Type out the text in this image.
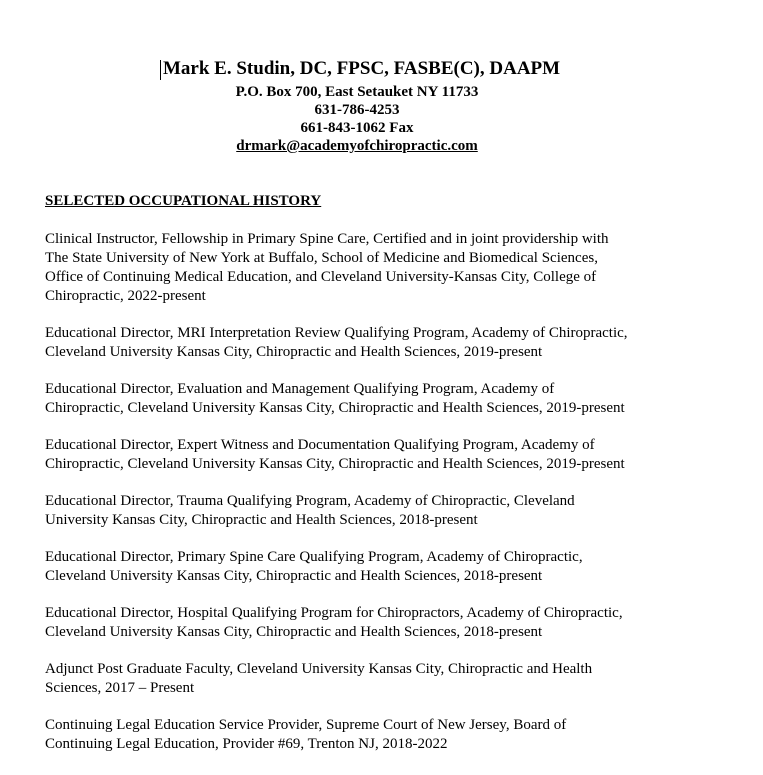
Mark E. Studin, DC, FPSC, FASBE(C), DAAPM
P.O. Box 700, East Setauket NY 11733
631-786-4253
661-843-1062 Fax
drmark@academyofchiropractic.com
SELECTED OCCUPATIONAL HISTORY
Clinical Instructor, Fellowship in Primary Spine Care, Certified and in joint providership with
The State University of New York at Buffalo, School of Medicine and Biomedical Sciences,
Office of Continuing Medical Education, and Cleveland University-Kansas City, College of
Chiropractic, 2022-present
Educational Director, MRI Interpretation Review Qualifying Program, Academy of Chiropractic,
Cleveland University Kansas City, Chiropractic and Health Sciences, 2019-present
Educational Director, Evaluation and Management Qualifying Program, Academy of
Chiropractic, Cleveland University Kansas City, Chiropractic and Health Sciences, 2019-present
Educational Director, Expert Witness and Documentation Qualifying Program, Academy of
Chiropractic, Cleveland University Kansas City, Chiropractic and Health Sciences, 2019-present
Educational Director, Trauma Qualifying Program, Academy of Chiropractic, Cleveland
University Kansas City, Chiropractic and Health Sciences, 2018-present
Educational Director, Primary Spine Care Qualifying Program, Academy of Chiropractic,
Cleveland University Kansas City, Chiropractic and Health Sciences, 2018-present
Educational Director, Hospital Qualifying Program for Chiropractors, Academy of Chiropractic,
Cleveland University Kansas City, Chiropractic and Health Sciences, 2018-present
Adjunct Post Graduate Faculty, Cleveland University Kansas City, Chiropractic and Health
Sciences, 2017 – Present
Continuing Legal Education Service Provider, Supreme Court of New Jersey, Board of
Continuing Legal Education, Provider #69, Trenton NJ, 2018-2022
